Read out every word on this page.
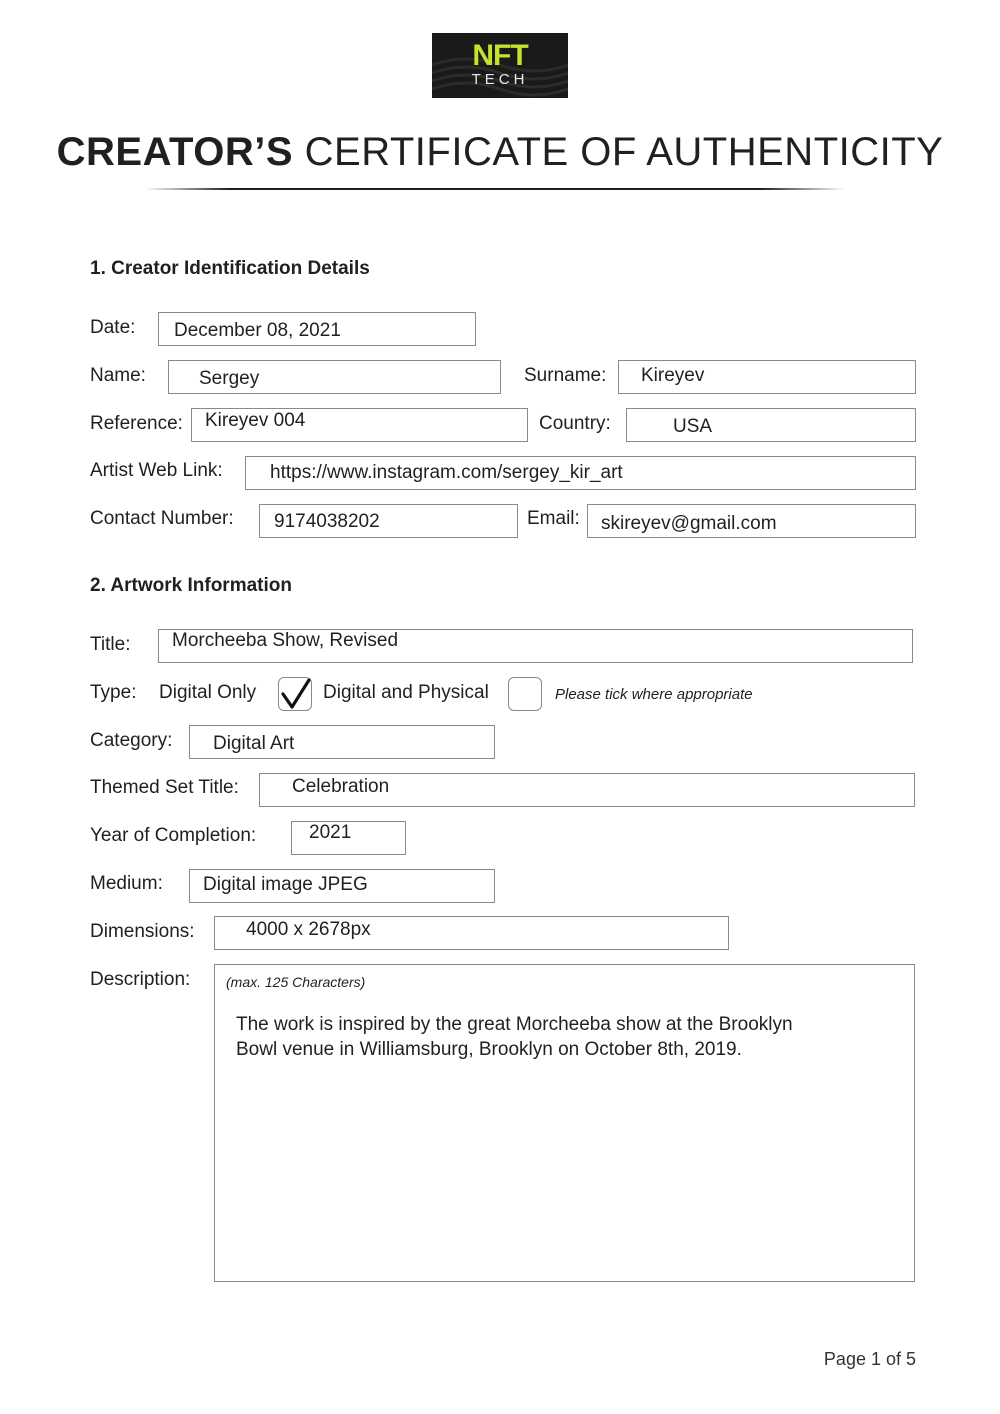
NFT
TECH
CREATOR’S CERTIFICATE OF AUTHENTICITY
1. Creator Identification Details
Date: December 08, 2021
Name:	Sergey	Surname: Kireyev
Reference: Kireyev 004	Country:	USA
Artist Web Link: https://www.instagram.com/sergey_kir_art
Contact Number: 9174038202	Email: skireyev@gmail.com
2. Artwork Information
Title: Morcheeba Show, Revised
Type: Digital Only	Digital and Physical	Please tick where appropriate
Category: Digital Art
Themed Set Title:	Celebration
Year of Completion:	2021
Medium: Digital image JPEG
Dimensions:	4000 x 2678px
Description:	(max. 125 Characters)
The work is inspired by the great Morcheeba show at the Brooklyn
Bowl venue in Williamsburg, Brooklyn on October 8th, 2019.
Page 1 of 5
